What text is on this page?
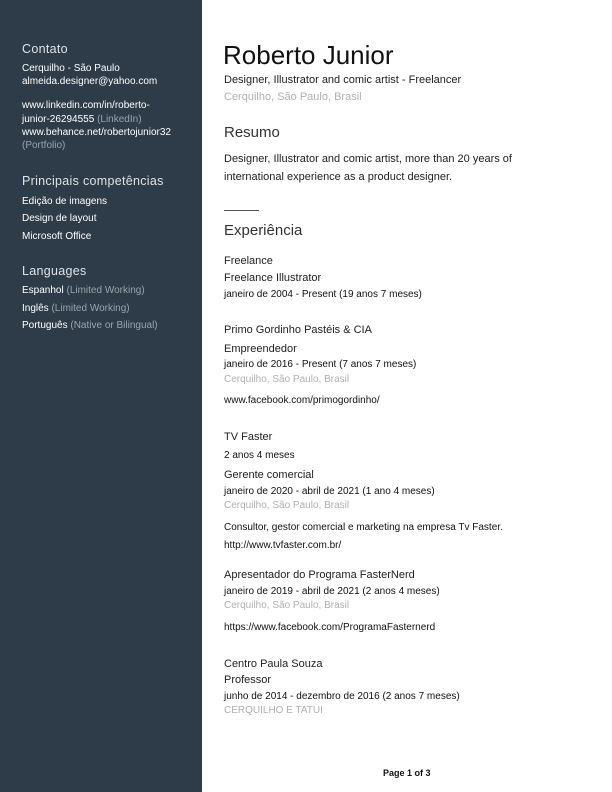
Contato
Cerquilho - São Paulo
almeida.designer@yahoo.com
www.linkedin.com/in/roberto-
junior-26294555 (LinkedIn)
www.behance.net/robertojunior32
(Portfolio)
Principais competências
Edição de imagens
Design de layout
Microsoft Office
Languages
Espanhol (Limited Working)
Inglês (Limited Working)
Português (Native or Bilingual)
Roberto Junior
Designer, Illustrator and comic artist - Freelancer
Cerquilho, São Paulo, Brasil
Resumo
Designer, Illustrator and comic artist, more than 20 years of
international experience as a product designer.
Experiência
Freelance
Freelance Illustrator
janeiro de 2004 - Present (19 anos 7 meses)
Primo Gordinho Pastéis & CIA
Empreendedor
janeiro de 2016 - Present (7 anos 7 meses)
Cerquilho, São Paulo, Brasil
www.facebook.com/primogordinho/
TV Faster
2 anos 4 meses
Gerente comercial
janeiro de 2020 - abril de 2021 (1 ano 4 meses)
Cerquilho, São Paulo, Brasil
Consultor, gestor comercial e marketing na empresa Tv Faster.
http://www.tvfaster.com.br/
Apresentador do Programa FasterNerd
janeiro de 2019 - abril de 2021 (2 anos 4 meses)
Cerquilho, São Paulo, Brasil
https://www.facebook.com/ProgramaFasternerd
Centro Paula Souza
Professor
junho de 2014 - dezembro de 2016 (2 anos 7 meses)
CERQUILHO E TATUI
Page 1 of 3
